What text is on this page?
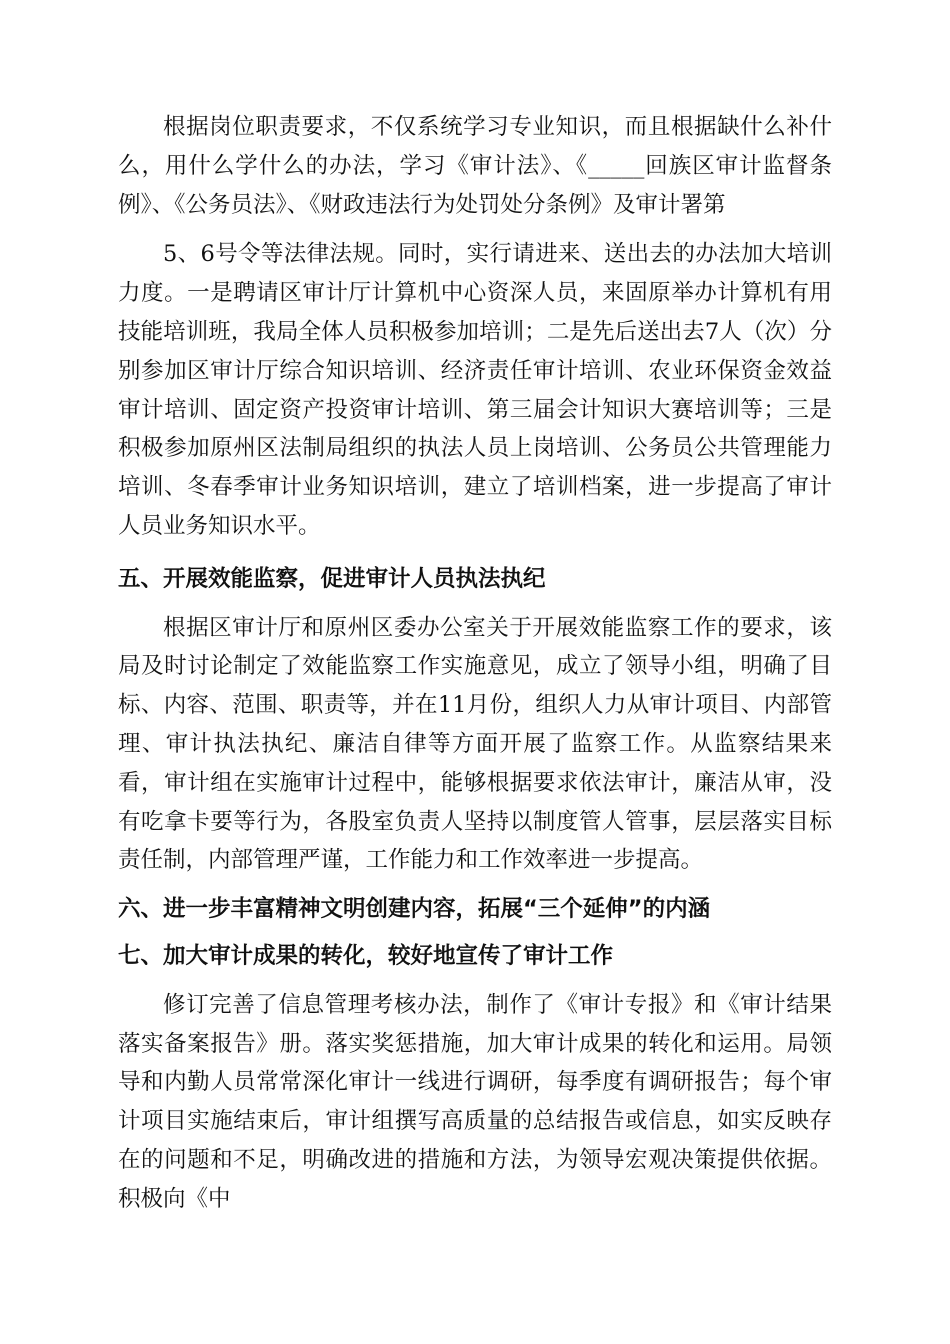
根据岗位职责要求，不仅系统学习专业知识，而且根据缺什么补什么，用什么学什么的办法，学习《审计法》、《_____回族区审计监督条例》、《公务员法》、《财政违法行为处罚处分条例》及审计署第

5、6号令等法律法规。同时，实行请进来、送出去的办法加大培训力度。一是聘请区审计厅计算机中心资深人员，来固原举办计算机有用技能培训班，我局全体人员积极参加培训；二是先后送出去7人（次）分别参加区审计厅综合知识培训、经济责任审计培训、农业环保资金效益审计培训、固定资产投资审计培训、第三届会计知识大赛培训等；三是积极参加原州区法制局组织的执法人员上岗培训、公务员公共管理能力培训、冬春季审计业务知识培训，建立了培训档案，进一步提高了审计人员业务知识水平。

五、开展效能监察，促进审计人员执法执纪

根据区审计厅和原州区委办公室关于开展效能监察工作的要求，该局及时讨论制定了效能监察工作实施意见，成立了领导小组，明确了目标、内容、范围、职责等，并在11月份，组织人力从审计项目、内部管理、审计执法执纪、廉洁自律等方面开展了监察工作。从监察结果来看，审计组在实施审计过程中，能够根据要求依法审计，廉洁从审，没有吃拿卡要等行为，各股室负责人坚持以制度管人管事，层层落实目标责任制，内部管理严谨，工作能力和工作效率进一步提高。

六、进一步丰富精神文明创建内容，拓展“三个延伸”的内涵

七、加大审计成果的转化，较好地宣传了审计工作

修订完善了信息管理考核办法，制作了《审计专报》和《审计结果落实备案报告》册。落实奖惩措施，加大审计成果的转化和运用。局领导和内勤人员常常深化审计一线进行调研，每季度有调研报告；每个审计项目实施结束后，审计组撰写高质量的总结报告或信息，如实反映存在的问题和不足，明确改进的措施和方法，为领导宏观决策提供依据。积极向《中
